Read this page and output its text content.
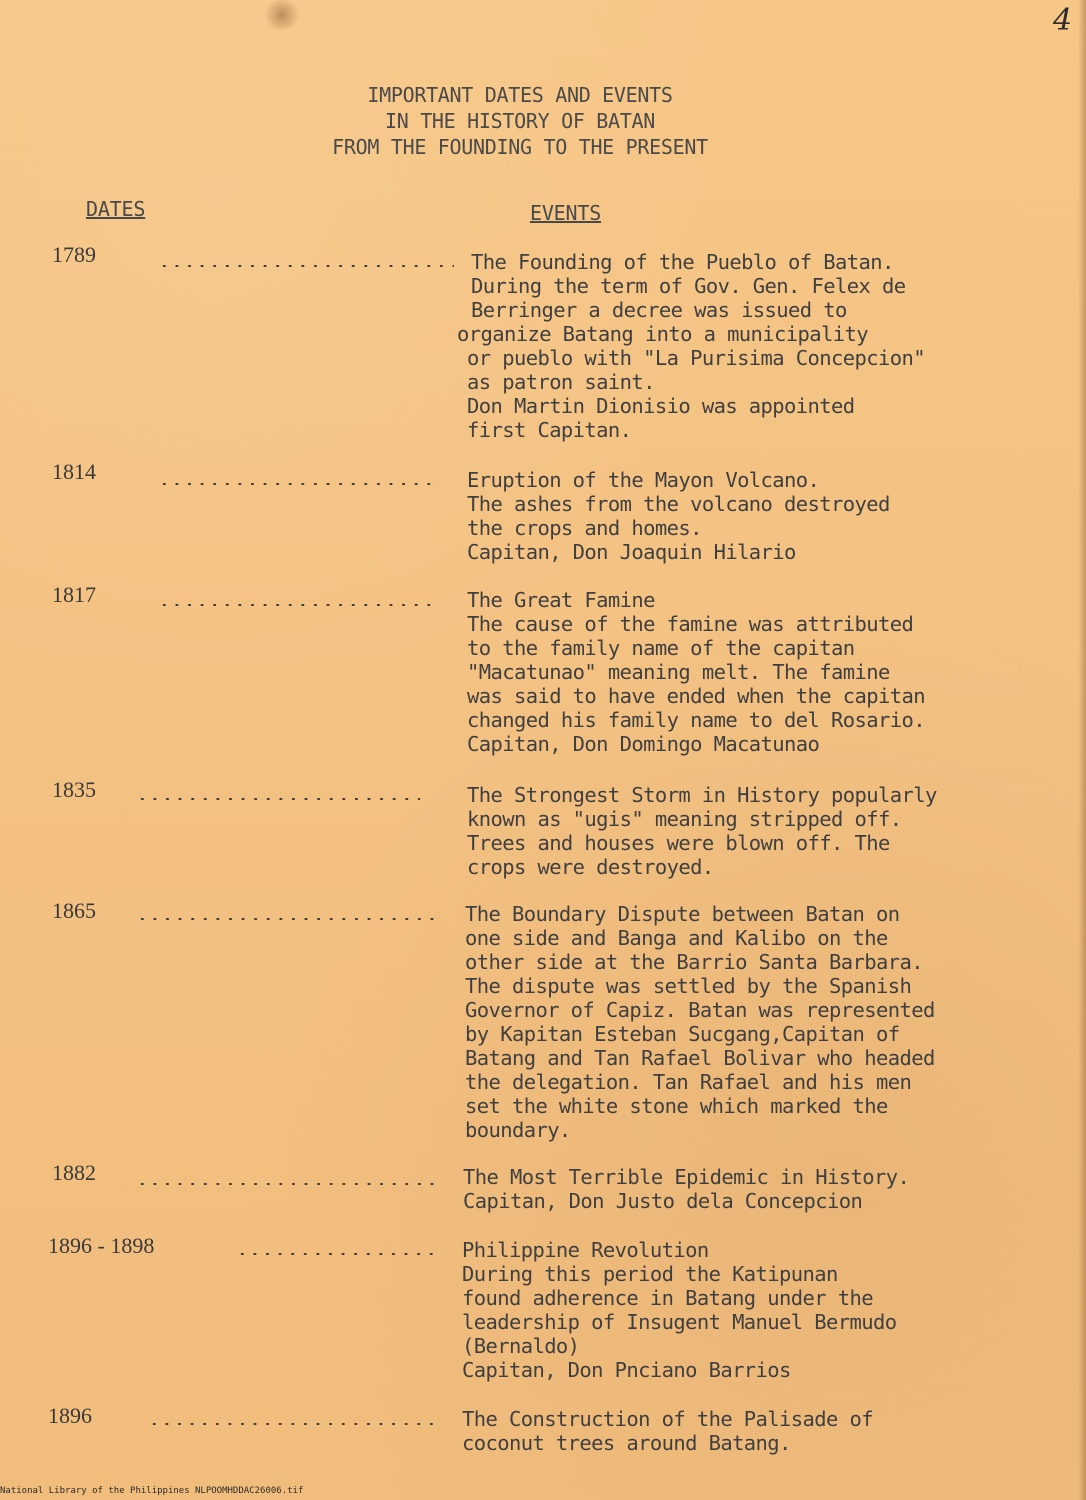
4
IMPORTANT DATES AND EVENTS
IN THE HISTORY OF BATAN
FROM THE FOUNDING TO THE PRESENT
DATES	EVENTS
1789	The Founding of the Pueblo of Batan.
During the term of Gov. Gen. Felex de
Berringer a decree was issued to
organize Batang into a municipality
or pueblo with "La Purisima Concepcion"
as patron saint.
Don Martin Dionisio was appointed
first Capitan.
1814	Eruption of the Mayon Volcano.
The ashes from the volcano destroyed
the crops and homes.
Capitan, Don Joaquin Hilario
1817	The Great Famine
The cause of the famine was attributed
to the family name of the capitan
"Macatunao" meaning melt. The famine
was said to have ended when the capitan
changed his family name to del Rosario.
Capitan, Don Domingo Macatunao
1835	The Strongest Storm in History popularly
known as "ugis" meaning stripped off.
Trees and houses were blown off. The
crops were destroyed.
1865	The Boundary Dispute between Batan on
one side and Banga and Kalibo on the
other side at the Barrio Santa Barbara.
The dispute was settled by the Spanish
Governor of Capiz. Batan was represented
by Kapitan Esteban Sucgang,Capitan of
Batang and Tan Rafael Bolivar who headed
the delegation. Tan Rafael and his men
set the white stone which marked the
boundary.
1882	The Most Terrible Epidemic in History.
Capitan, Don Justo dela Concepcion
1896 - 1898	Philippine Revolution
During this period the Katipunan
found adherence in Batang under the
leadership of Insugent Manuel Bermudo
(Bernaldo)
Capitan, Don Pnciano Barrios
1896	The Construction of the Palisade of
coconut trees around Batang.
National Library of the Philippines NLPOOMHDDAC26006.tif
